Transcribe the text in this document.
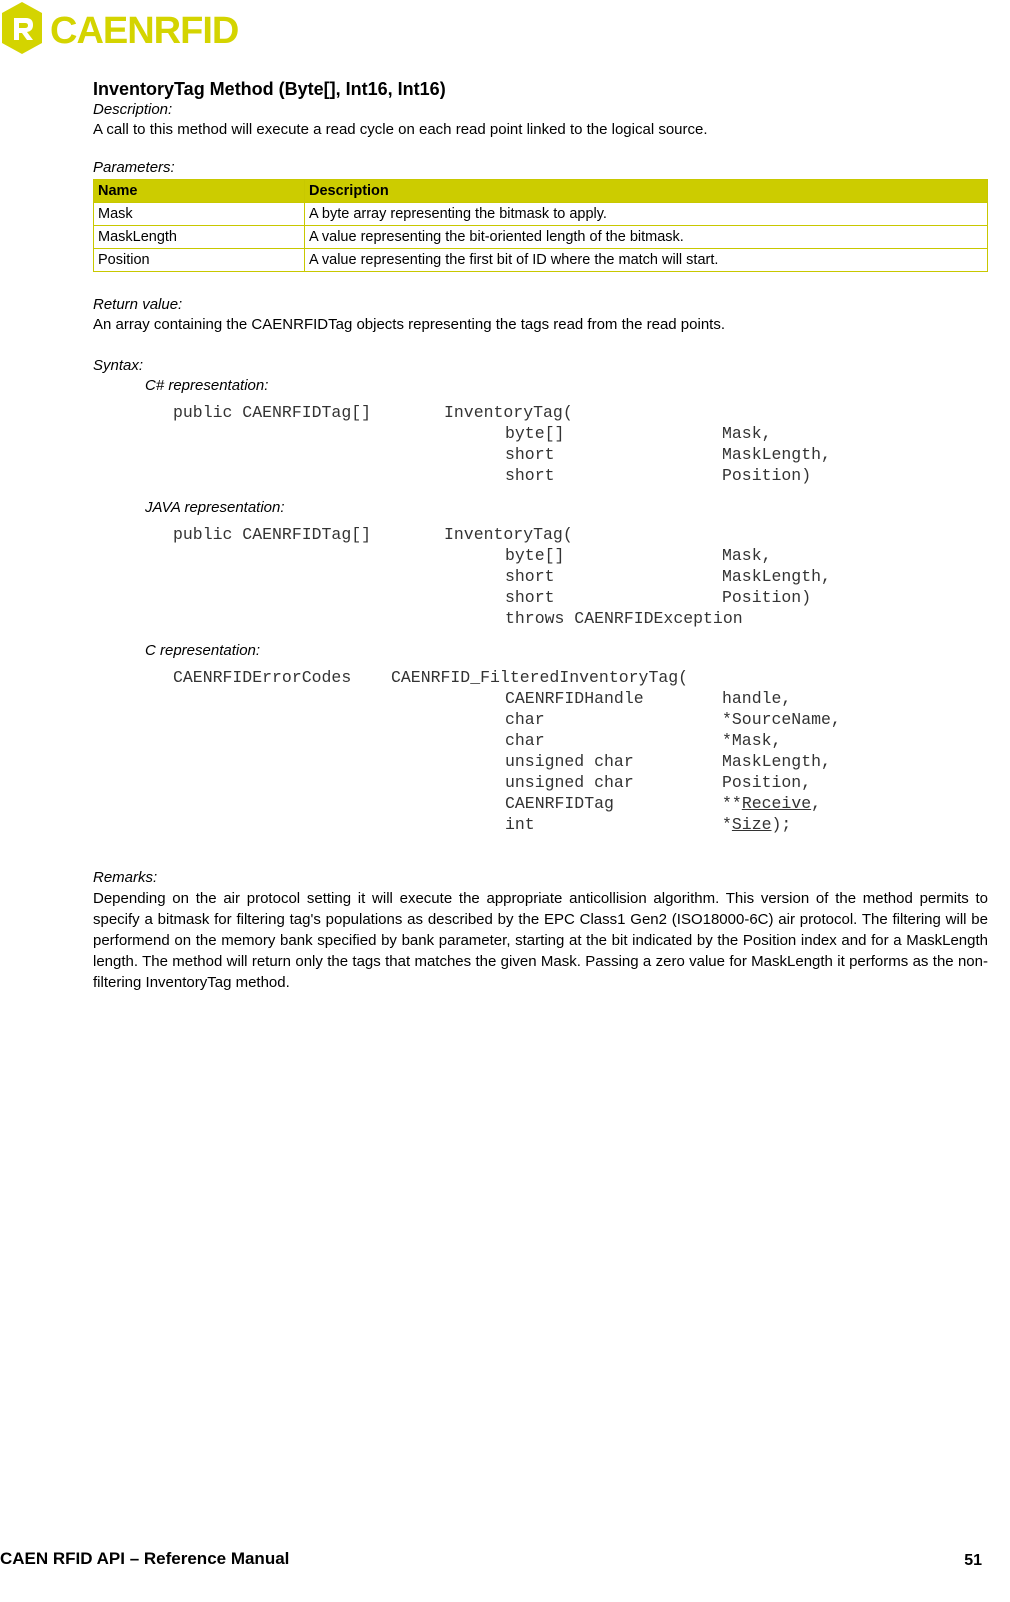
CAENRFID
InventoryTag Method (Byte[], Int16, Int16)
Description:
A call to this method will execute a read cycle on each read point linked to the logical source.
Parameters:
Name	Description
Mask	A byte array representing the bitmask to apply.
MaskLength	A value representing the bit-oriented length of the bitmask.
Position	A value representing the first bit of ID where the match will start.
Return value:
An array containing the CAENRFIDTag objects representing the tags read from the read points.
Syntax:
C# representation:

public CAENRFIDTag[]

	InventoryTag(

byte[]

	Mask,

short

	MaskLength,

short

	Position)

JAVA representation:

public CAENRFIDTag[]

	InventoryTag(

byte[]

	Mask,

short

	MaskLength,

short

	Position)

throws CAENRFIDException

C representation:

CAENRFIDErrorCodes

CAENRFID_FilteredInventoryTag(

CAENRFIDHandle

	handle,

char

	*SourceName,

char

	*Mask,

unsigned char

	MaskLength,

unsigned char

	Position,

CAENRFIDTag

	**Receive,

int

	*Size);

Remarks:
Depending on the air protocol setting it will execute the appropriate anticollision algorithm. This version of the method permits to specify a bitmask for filtering tag's populations as described by the EPC Class1 Gen2 (ISO18000-6C) air protocol. The filtering will be performend on the memory bank specified by bank parameter, starting at the bit indicated by the Position index and for a MaskLength length. The method will return only the tags that matches the given Mask. Passing a zero value for MaskLength it performs as the non-filtering InventoryTag method.
CAEN RFID API – Reference Manual	51
